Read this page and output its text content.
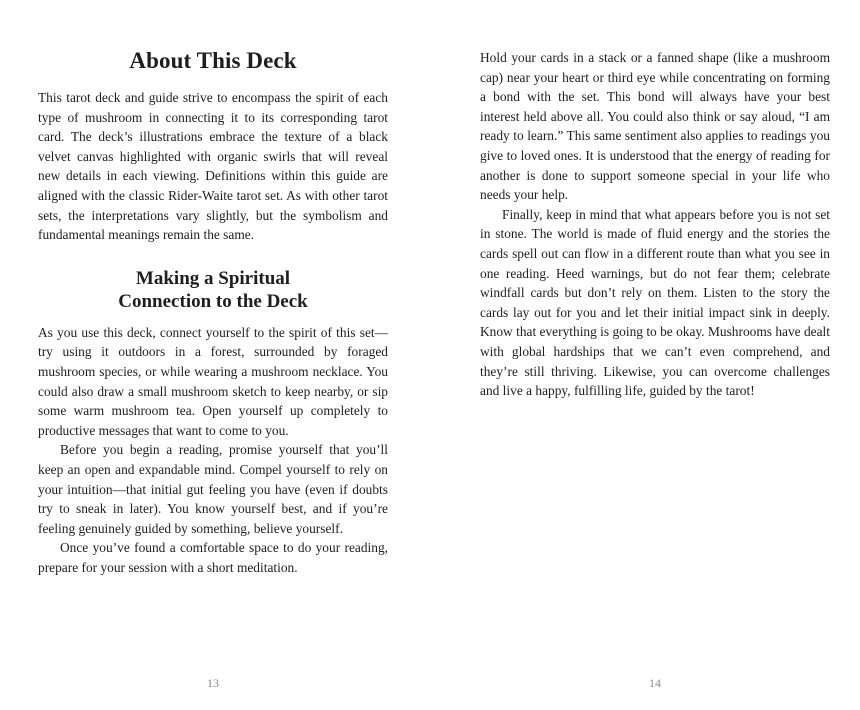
About This Deck

This tarot deck and guide strive to encompass the spirit of each type of mushroom in connecting it to its corresponding tarot card. The deck’s illustrations embrace the texture of a black velvet canvas highlighted with organic swirls that will reveal new details in each viewing. Definitions within this guide are aligned with the classic Rider-Waite tarot set. As with other tarot sets, the interpretations vary slightly, but the symbolism and fundamental meanings remain the same.

Making a Spiritual
Connection to the Deck

As you use this deck, connect yourself to the spirit of this set—try using it outdoors in a forest, surrounded by foraged mushroom species, or while wearing a mushroom necklace. You could also draw a small mushroom sketch to keep nearby, or sip some warm mushroom tea. Open yourself up completely to productive messages that want to come to you.

Before you begin a reading, promise yourself that you’ll keep an open and expandable mind. Compel yourself to rely on your intuition—that initial gut feeling you have (even if doubts try to sneak in later). You know yourself best, and if you’re feeling genuinely guided by something, believe yourself.

Once you’ve found a comfortable space to do your reading, prepare for your session with a short meditation.

13

Hold your cards in a stack or a fanned shape (like a mushroom cap) near your heart or third eye while concentrating on forming a bond with the set. This bond will always have your best interest held above all. You could also think or say aloud, “I am ready to learn.” This same sentiment also applies to readings you give to loved ones. It is understood that the energy of reading for another is done to support someone special in your life who needs your help.

Finally, keep in mind that what appears before you is not set in stone. The world is made of fluid energy and the stories the cards spell out can flow in a different route than what you see in one reading. Heed warnings, but do not fear them; celebrate windfall cards but don’t rely on them. Listen to the story the cards lay out for you and let their initial impact sink in deeply. Know that everything is going to be okay. Mushrooms have dealt with global hardships that we can’t even comprehend, and they’re still thriving. Likewise, you can overcome challenges and live a happy, fulfilling life, guided by the tarot!

14
